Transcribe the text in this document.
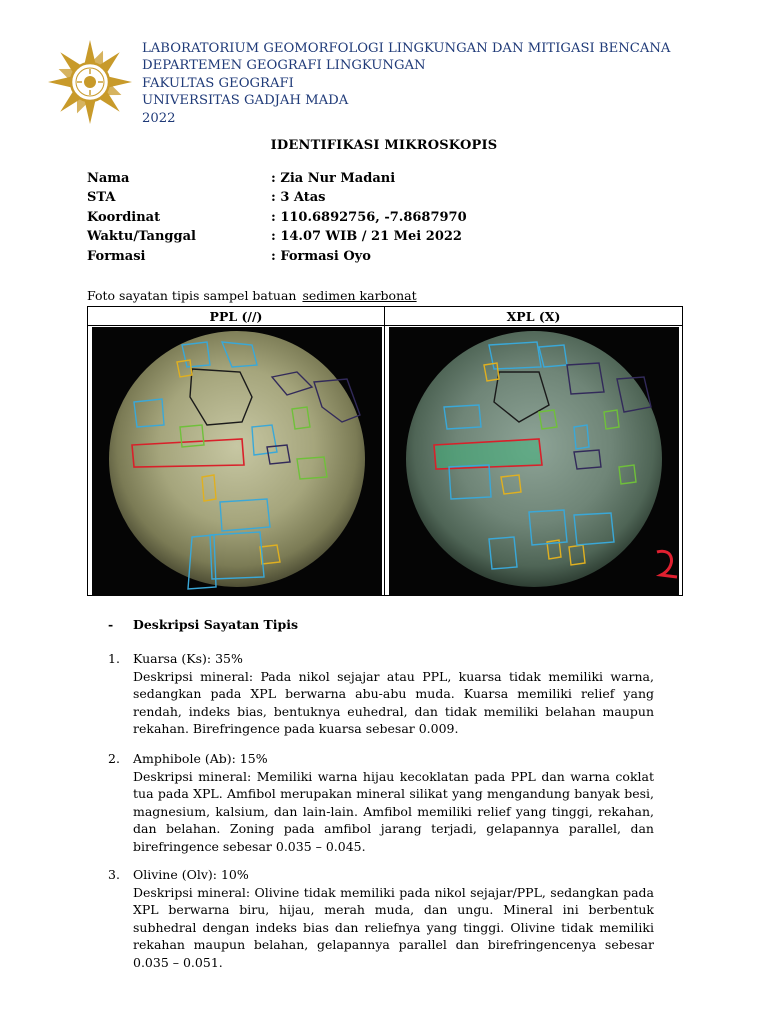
LABORATORIUM GEOMORFOLOGI LINGKUNGAN DAN MITIGASI BENCANA
DEPARTEMEN GEOGRAFI LINGKUNGAN
FAKULTAS GEOGRAFI
UNIVERSITAS GADJAH MADA
2022
IDENTIFIKASI MIKROSKOPIS
Nama	: Zia Nur Madani
STA	: 3 Atas
Koordinat	: 110.6892756, -7.8687970
Waktu/Tanggal	: 14.07 WIB / 21 Mei 2022
Formasi	: Formasi Oyo
Foto sayatan tipis sampel batuan sedimen karbonat
PPL (//)	XPL (X)
- Deskripsi Sayatan Tipis
1. Kuarsa (Ks): 35%
Deskripsi mineral: Pada nikol sejajar atau PPL, kuarsa tidak memiliki warna, sedangkan pada XPL berwarna abu-abu muda. Kuarsa memiliki relief yang rendah, indeks bias, bentuknya euhedral, dan tidak memiliki belahan maupun rekahan. Birefringence pada kuarsa sebesar 0.009.
2. Amphibole (Ab): 15%
Deskripsi mineral: Memiliki warna hijau kecoklatan pada PPL dan warna coklat tua pada XPL. Amfibol merupakan mineral silikat yang mengandung banyak besi, magnesium, kalsium, dan lain-lain. Amfibol memiliki relief yang tinggi, rekahan, dan belahan. Zoning pada amfibol jarang terjadi, gelapannya parallel, dan birefringence sebesar 0.035 – 0.045.
3. Olivine (Olv): 10%
Deskripsi mineral: Olivine tidak memiliki pada nikol sejajar/PPL, sedangkan pada XPL berwarna biru, hijau, merah muda, dan ungu. Mineral ini berbentuk subhedral dengan indeks bias dan reliefnya yang tinggi. Olivine tidak memiliki rekahan maupun belahan, gelapannya parallel dan birefringencenya sebesar 0.035 – 0.051.
